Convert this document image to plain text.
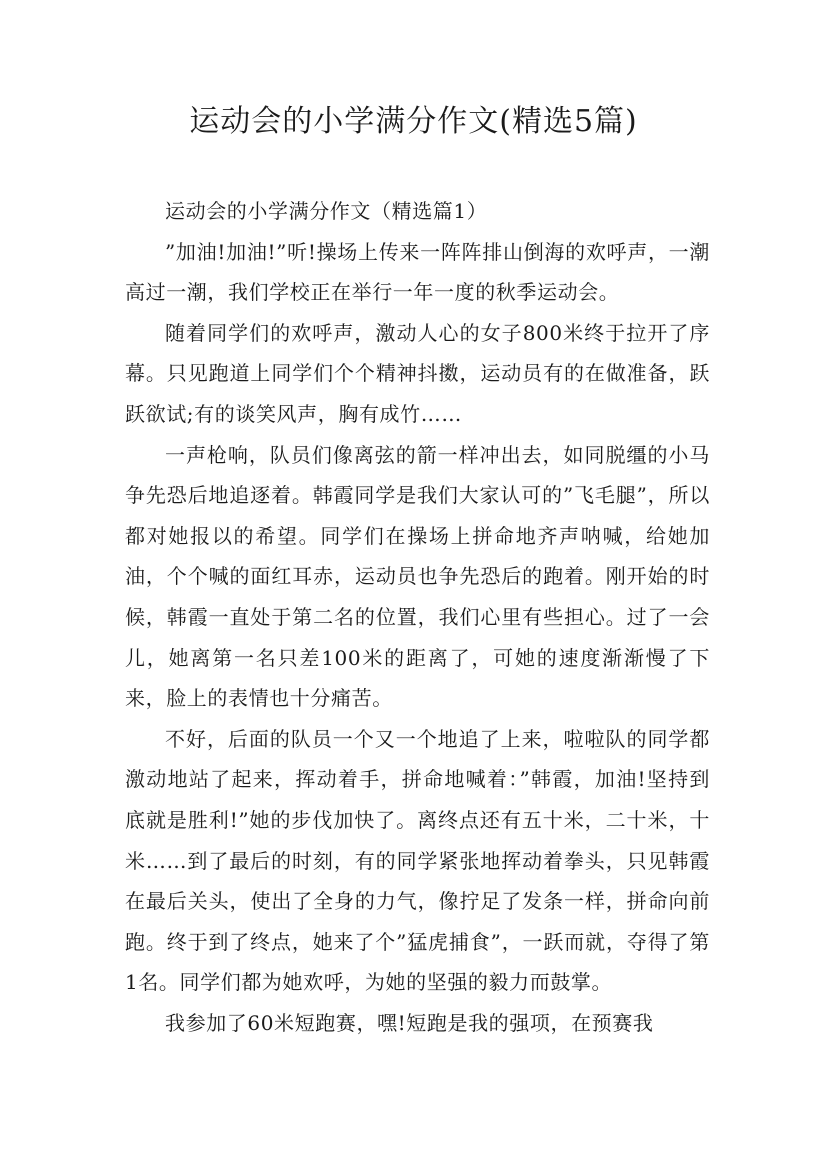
运动会的小学满分作文(精选5篇)

运动会的小学满分作文（精选篇1）

”加油!加油!”听!操场上传来一阵阵排山倒海的欢呼声，一潮高过一潮，我们学校正在举行一年一度的秋季运动会。

随着同学们的欢呼声，激动人心的女子800米终于拉开了序幕。只见跑道上同学们个个精神抖擞，运动员有的在做准备，跃跃欲试;有的谈笑风声，胸有成竹……

一声枪响，队员们像离弦的箭一样冲出去，如同脱缰的小马争先恐后地追逐着。韩霞同学是我们大家认可的”飞毛腿”，所以都对她报以的希望。同学们在操场上拼命地齐声呐喊，给她加油，个个喊的面红耳赤，运动员也争先恐后的跑着。刚开始的时候，韩霞一直处于第二名的位置，我们心里有些担心。过了一会儿，她离第一名只差100米的距离了，可她的速度渐渐慢了下来，脸上的表情也十分痛苦。

不好，后面的队员一个又一个地追了上来，啦啦队的同学都激动地站了起来，挥动着手，拼命地喊着：”韩霞，加油!坚持到底就是胜利!”她的步伐加快了。离终点还有五十米，二十米，十米……到了最后的时刻，有的同学紧张地挥动着拳头，只见韩霞在最后关头，使出了全身的力气，像拧足了发条一样，拼命向前跑。终于到了终点，她来了个”猛虎捕食”，一跃而就，夺得了第1名。同学们都为她欢呼，为她的坚强的毅力而鼓掌。

我参加了60米短跑赛，嘿!短跑是我的强项，在预赛我
